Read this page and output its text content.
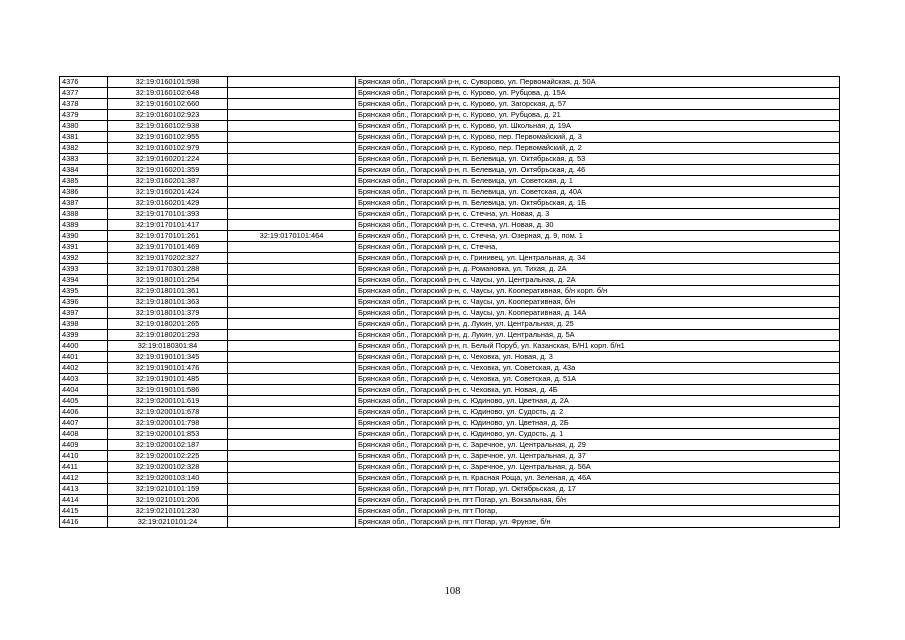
4376	32:19:0160101:598		Брянская обл., Погарский р-н, с. Суворово, ул. Первомайская, д. 50А
4377	32:19:0160102:648		Брянская обл., Погарский р-н, с. Курово, ул. Рубцова, д. 15А
4378	32:19:0160102:660		Брянская обл., Погарский р-н, с. Курово, ул. Загорская, д. 57
4379	32:19:0160102:923		Брянская обл., Погарский р-н, с. Курово, ул. Рубцова, д. 21
4380	32:19:0160102:938		Брянская обл., Погарский р-н, с. Курово, ул. Школьная, д. 19А
4381	32:19:0160102:955		Брянская обл., Погарский р-н, с. Курово, пер. Первомайский, д. 3
4382	32:19:0160102:979		Брянская обл., Погарский р-н, с. Курово, пер. Первомайский, д. 2
4383	32:19:0160201:224		Брянская обл., Погарский р-н, п. Белевица, ул. Октябрьская, д. 53
4384	32:19:0160201:359		Брянская обл., Погарский р-н, п. Белевица, ул. Октябрьская, д. 46
4385	32:19:0160201:387		Брянская обл., Погарский р-н, п. Белевица, ул. Советская, д. 1
4386	32:19:0160201:424		Брянская обл., Погарский р-н, п. Белевица, ул. Советская, д. 40А
4387	32:19:0160201:429		Брянская обл., Погарский р-н, п. Белевица, ул. Октябрьская, д. 1Б
4388	32:19:0170101:393		Брянская обл., Погарский р-н, с. Стечна, ул. Новая, д. 3
4389	32:19:0170101:417		Брянская обл., Погарский р-н, с. Стечна, ул. Новая, д. 30
4390	32:19:0170101:261	32:19:0170101:464	Брянская обл., Погарский р-н, с. Стечна, ул. Озерная, д. 9, пом. 1
4391	32:19:0170101:469		Брянская обл., Погарский р-н, с. Стечна,
4392	32:19:0170202:327		Брянская обл., Погарский р-н, с. Гринивец, ул. Центральная, д. 34
4393	32:19:0170301:288		Брянская обл., Погарский р-н, д. Романовка, ул. Тихая, д. 2А
4394	32:19:0180101:254		Брянская обл., Погарский р-н, с. Чаусы, ул. Центральная, д. 2А
4395	32:19:0180101:361		Брянская обл., Погарский р-н, с. Чаусы, ул. Кооперативная, б/н корп. б/н
4396	32:19:0180101:363		Брянская обл., Погарский р-н, с. Чаусы, ул. Кооперативная, б/н
4397	32:19:0180101:379		Брянская обл., Погарский р-н, с. Чаусы, ул. Кооперативная, д. 14А
4398	32:19:0180201:265		Брянская обл., Погарский р-н, д. Лукин, ул. Центральная, д. 25
4399	32:19:0180201:293		Брянская обл., Погарский р-н, д. Лукин, ул. Центральная, д. 5А
4400	32:19:0180301:84		Брянская обл., Погарский р-н, п. Белый Поруб, ул. Казанская, Б/Н1 корп. б/н1
4401	32:19:0190101:345		Брянская обл., Погарский р-н, с. Чеховка, ул. Новая, д. 3
4402	32:19:0190101:476		Брянская обл., Погарский р-н, с. Чеховка, ул. Советская, д. 43а
4403	32:19:0190101:485		Брянская обл., Погарский р-н, с. Чеховка, ул. Советская, д. 51А
4404	32:19:0190101:586		Брянская обл., Погарский р-н, с. Чеховка, ул. Новая, д. 4Б
4405	32:19:0200101:619		Брянская обл., Погарский р-н, с. Юдиново, ул. Цветная, д. 2А
4406	32:19:0200101:678		Брянская обл., Погарский р-н, с. Юдиново, ул. Судость, д. 2
4407	32:19:0200101:798		Брянская обл., Погарский р-н, с. Юдиново, ул. Цветная, д. 2Б
4408	32:19:0200101:853		Брянская обл., Погарский р-н, с. Юдиново, ул. Судость, д. 1
4409	32:19:0200102:187		Брянская обл., Погарский р-н, с. Заречное, ул. Центральная, д. 29
4410	32:19:0200102:225		Брянская обл., Погарский р-н, с. Заречное, ул. Центральная, д. 37
4411	32:19:0200102:328		Брянская обл., Погарский р-н, с. Заречное, ул. Центральная, д. 56А
4412	32:19:0200103:140		Брянская обл., Погарский р-н, п. Красная Роща, ул. Зеленая, д. 46А
4413	32:19:0210101:159		Брянская обл., Погарский р-н, пгт Погар, ул. Октябрьская, д. 17
4414	32:19:0210101:206		Брянская обл., Погарский р-н, пгт Погар, ул. Вокзальная, б/н
4415	32:19:0210101:230		Брянская обл., Погарский р-н, пгт Погар,
4416	32:19:0210101:24		Брянская обл., Погарский р-н, пгт Погар, ул. Фрунзе, б/н
108
